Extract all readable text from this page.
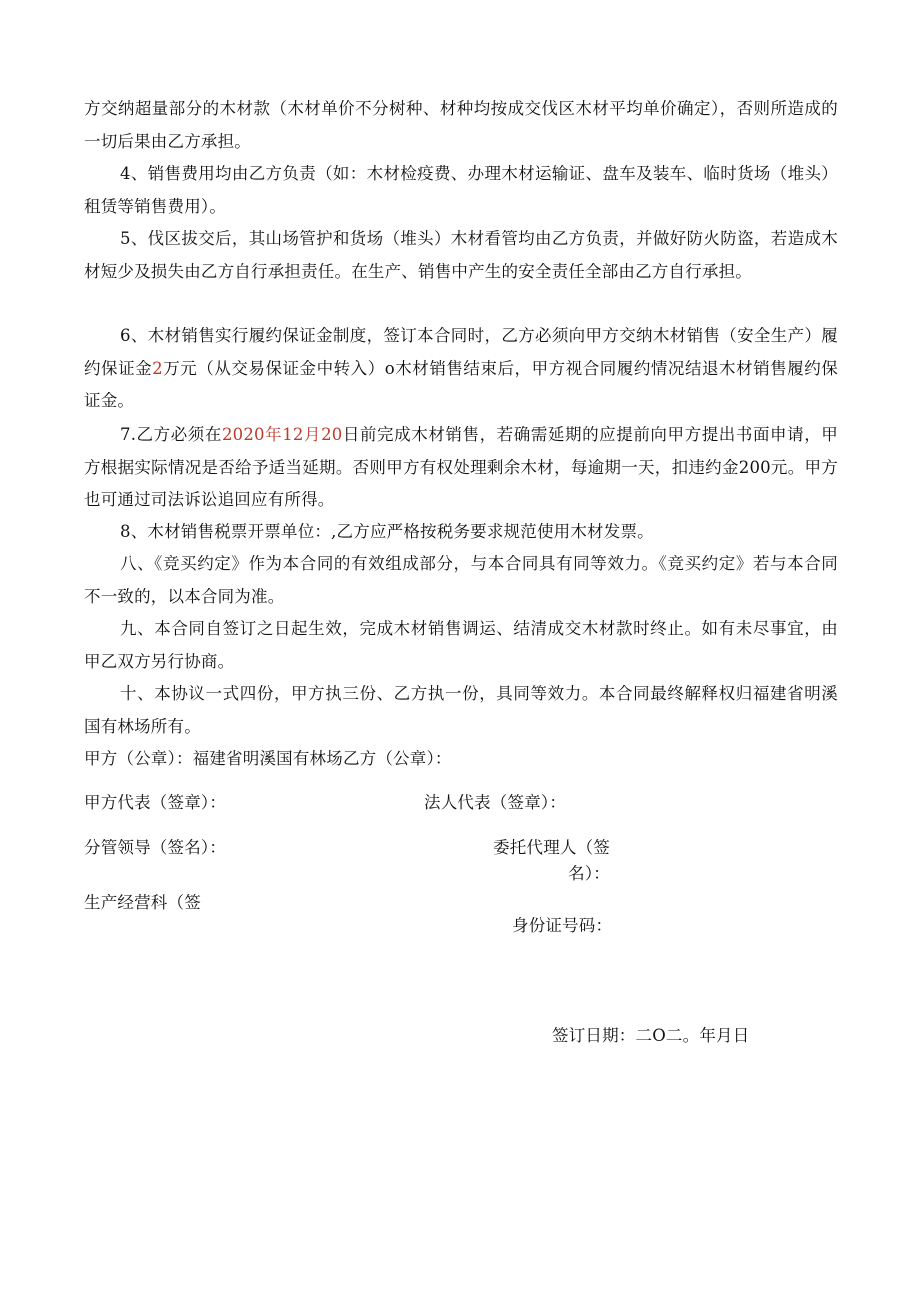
方交纳超量部分的木材款（木材单价不分树种、材种均按成交伐区木材平均单价确定），否则所造成的一切后果由乙方承担。

4、销售费用均由乙方负责（如：木材检疫费、办理木材运输证、盘车及装车、临时货场（堆头）租赁等销售费用）。

5、伐区拔交后，其山场管护和货场（堆头）木材看管均由乙方负责，并做好防火防盗，若造成木材短少及损失由乙方自行承担责任。在生产、销售中产生的安全责任全部由乙方自行承担。

6、木材销售实行履约保证金制度，签订本合同时，乙方必须向甲方交纳木材销售（安全生产）履约保证金2万元（从交易保证金中转入）o木材销售结束后，甲方视合同履约情况结退木材销售履约保证金。

7.乙方必须在2020年12月20日前完成木材销售，若确需延期的应提前向甲方提出书面申请，甲方根据实际情况是否给予适当延期。否则甲方有权处理剩余木材，每逾期一天，扣违约金200元。甲方也可通过司法诉讼追回应有所得。

8、木材销售税票开票单位：,乙方应严格按税务要求规范使用木材发票。

八、《竞买约定》作为本合同的有效组成部分，与本合同具有同等效力。《竞买约定》若与本合同不一致的，以本合同为准。

九、本合同自签订之日起生效，完成木材销售调运、结清成交木材款时终止。如有未尽事宜，由甲乙双方另行协商。

十、本协议一式四份，甲方执三份、乙方执一份，具同等效力。本合同最终解释权归福建省明溪国有林场所有。

甲方（公章）：福建省明溪国有林场乙方（公章）：
甲方代表（签章）：	法人代表（签章）：
分管领导（签名）：	委托代理人（签名）：
生产经营科（签
身份证号码：
签订日期：二O二。年月日
